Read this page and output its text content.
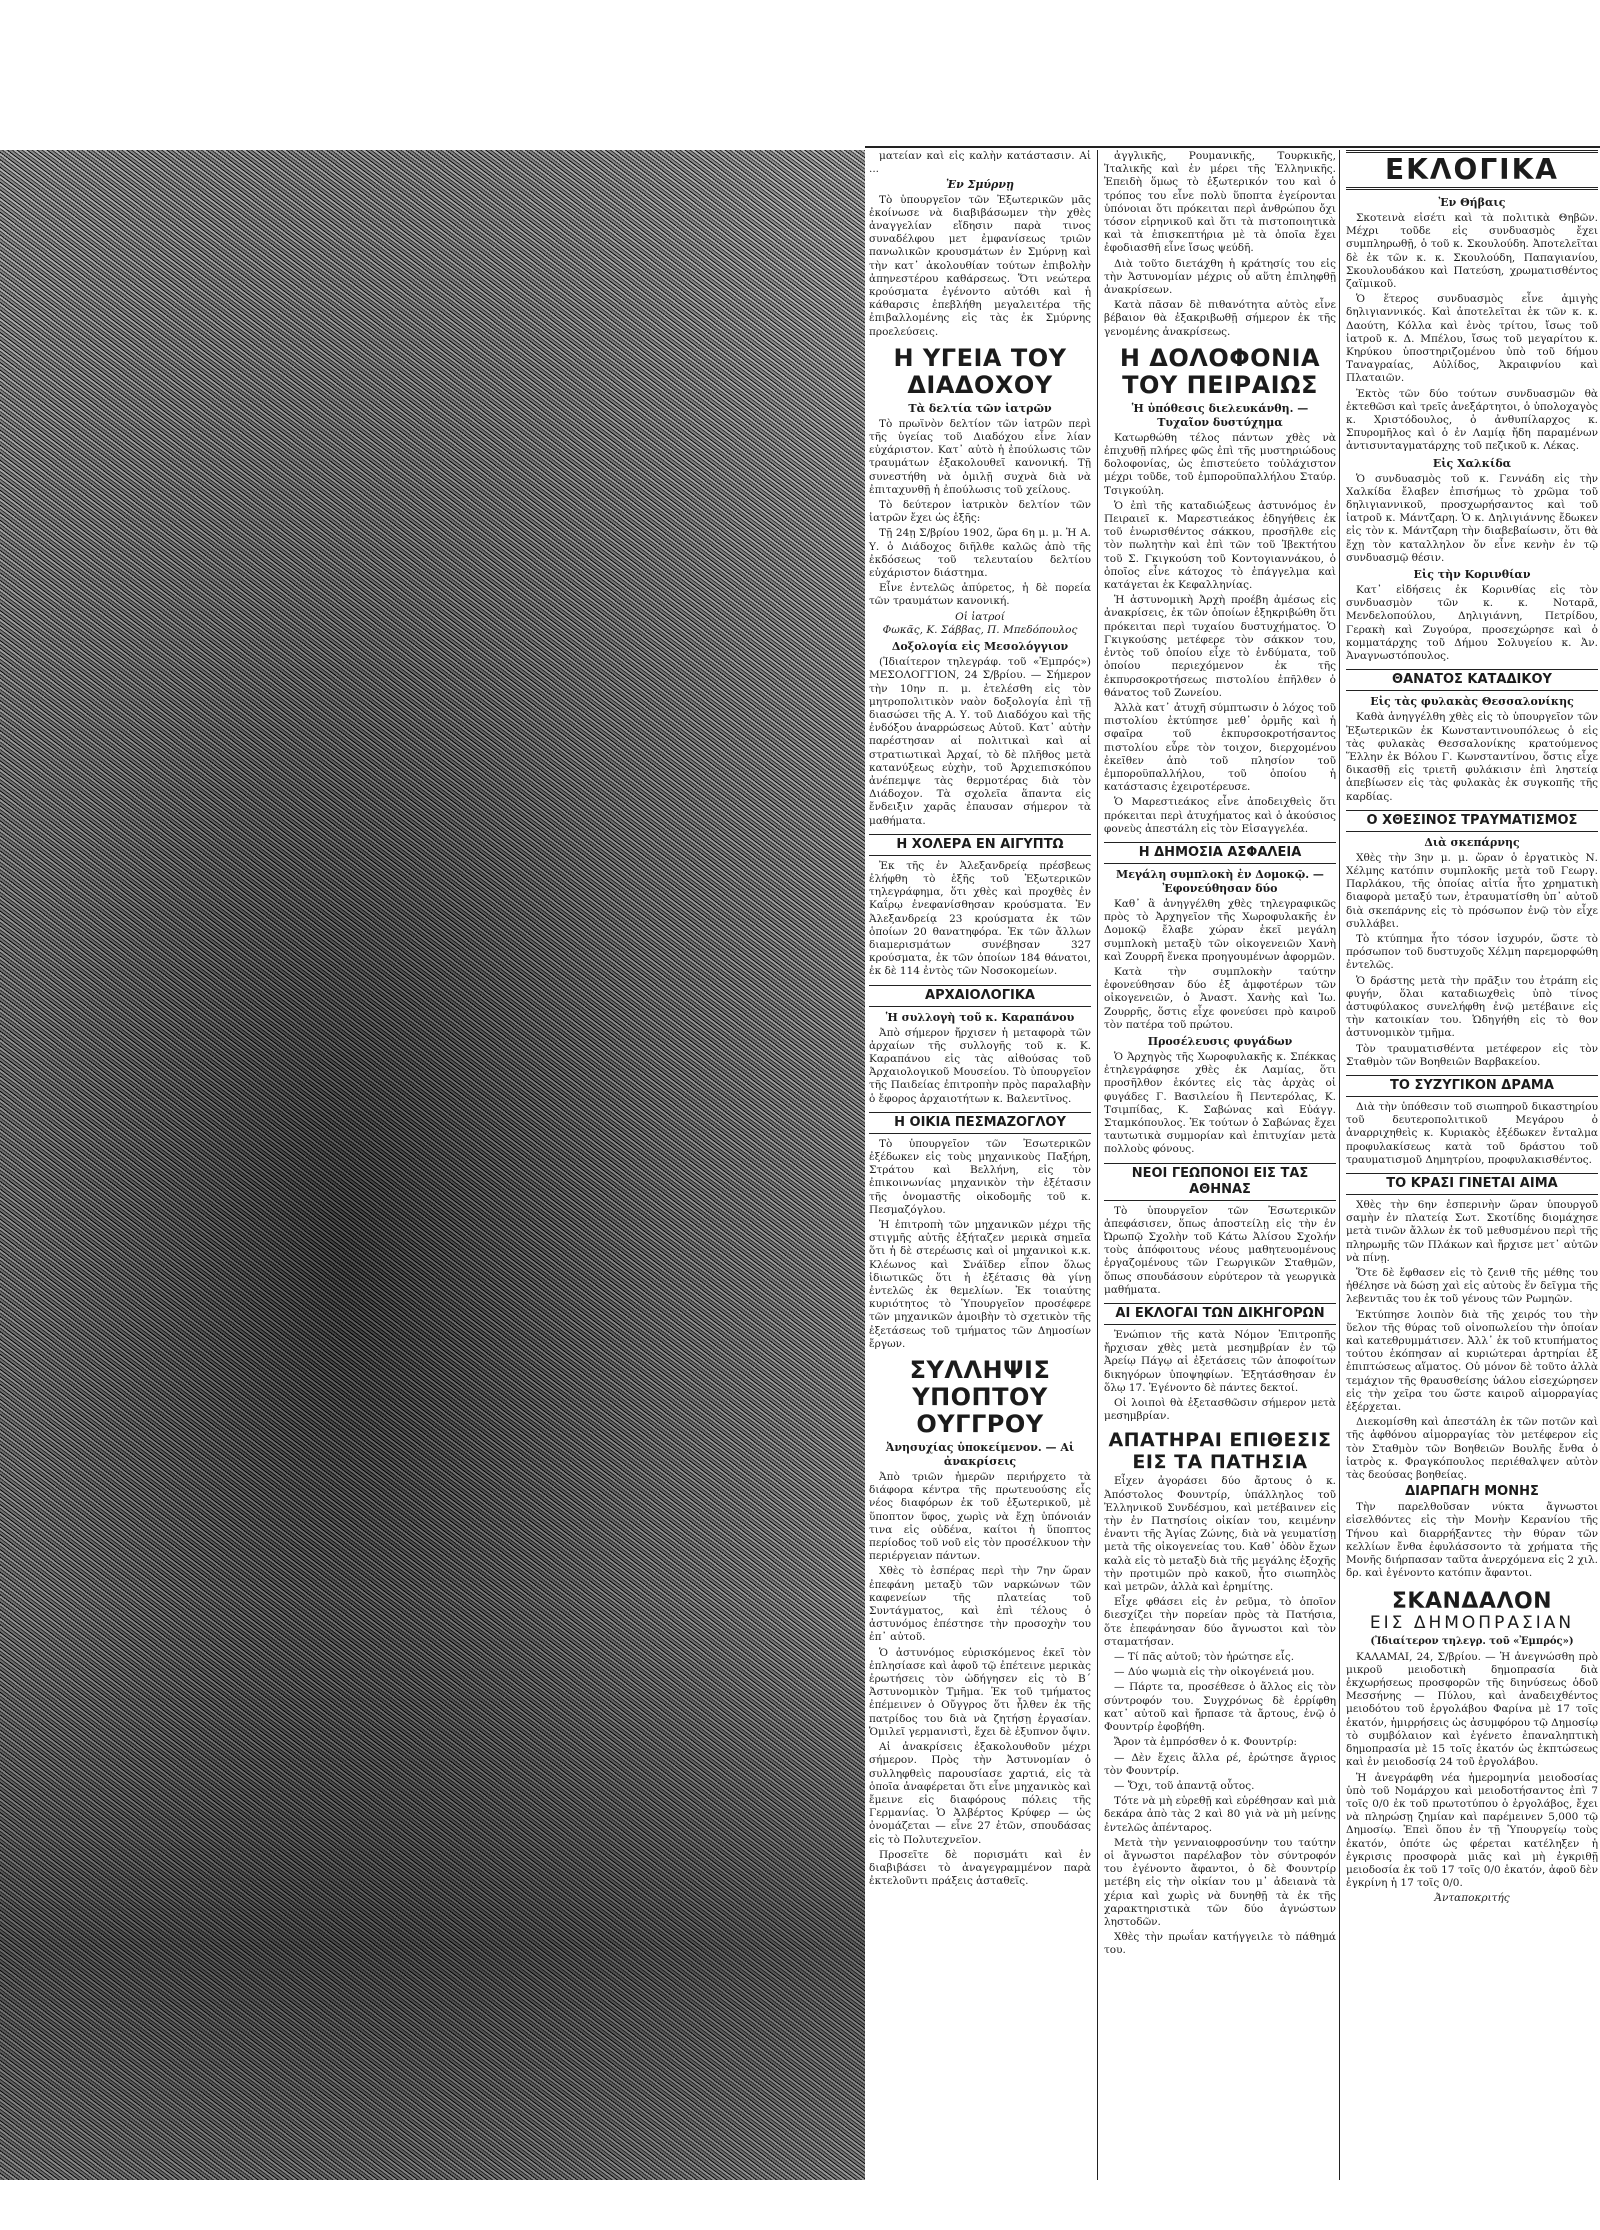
ματείαν καὶ εἰς καλὴν κατάστασιν. Αἱ ...

Ἐν Σμύρνῃ

Τὸ ὑπουργεῖον τῶν Ἐξωτερικῶν μᾶς ἐκοίνωσε νὰ διαβιβάσωμεν τὴν χθὲς ἀναγγελίαν εἴδησιν παρὰ τινος συναδέλφου μετ ἐμφανίσεως τριῶν πανωλικῶν κρουσμάτων ἐν Σμύρνῃ καὶ τὴν κατ᾿ ἀκολουθίαν τούτων ἐπιβολὴν ἀπηνεστέρου καθάρσεως. Ὅτι νεώτερα κρούσματα ἐγένοντο αὐτόθι καὶ ἡ κάθαρσις ἐπεβλήθη μεγαλειτέρα τῆς ἐπιβαλλομένης εἰς τὰς ἐκ Σμύρνης προελεύσεις.

Η ΥΓΕΙΑ ΤΟΥ ΔΙΑΔΟΧΟΥ
Τὰ δελτία τῶν ἰατρῶν

Τὸ πρωϊνὸν δελτίον τῶν ἰατρῶν περὶ τῆς ὑγείας τοῦ Διαδόχου εἶνε λίαν εὐχάριστον. Κατ᾿ αὐτὸ ἡ ἐπούλωσις τῶν τραυμάτων ἐξακολουθεῖ κανονική. Τῇ συνεστήθη νὰ ὁμιλῇ συχνὰ διὰ νὰ ἐπιταχυνθῇ ἡ ἐπούλωσις τοῦ χείλους.

Τὸ δεύτερον ἰατρικὸν δελτίον τῶν ἰατρῶν ἔχει ὡς ἑξῆς:

Τῇ 24ῃ Σ/βρίου 1902, ὥρα 6η μ. μ. Ἡ Α. Υ. ὁ Διάδοχος διῆλθε καλῶς ἀπὸ τῆς ἐκδόσεως τοῦ τελευταίου δελτίου εὐχάριστον διάστημα.

Εἶνε ἐντελῶς ἀπύρετος, ἡ δὲ πορεία τῶν τραυμάτων κανονική.

Οἱ ἰατροί
Φωκᾶς, Κ. Σάββας, Π. Μπεδόπουλος
Δοξολογία εἰς Μεσολόγγιον

(Ἰδιαίτερον τηλεγράφ. τοῦ «Ἐμπρός») ΜΕΣΟΛΟΓΓΙΟΝ, 24 Σ/βρίου. — Σήμερον τὴν 10ην π. μ. ἐτελέσθη εἰς τὸν μητροπολιτικὸν ναὸν δοξολογία ἐπὶ τῇ διασώσει τῆς Α. Υ. τοῦ Διαδόχου καὶ τῆς ἐνδόξου ἀναρρώσεως Αὐτοῦ. Κατ᾿ αὐτὴν παρέστησαν αἱ πολιτικαὶ καὶ αἱ στρατιωτικαὶ Ἀρχαί, τὸ δὲ πλῆθος μετὰ κατανύξεως εὐχὴν, τοῦ Ἀρχιεπισκόπου ἀνέπεμψε τὰς θερμοτέρας διὰ τὸν Διάδοχον. Τὰ σχολεῖα ἅπαντα εἰς ἔνδειξιν χαρᾶς ἐπαυσαν σήμερον τὰ μαθήματα.

Η ΧΟΛΕΡΑ ΕΝ ΑΙΓΥΠΤΩ

Ἐκ τῆς ἐν Ἀλεξανδρείᾳ πρέσβεως ἐλήφθη τὸ ἑξῆς τοῦ Ἐξωτερικῶν τηλεγράφημα, ὅτι χθὲς καὶ προχθὲς ἐν Καΐρῳ ἐνεφανίσθησαν κρούσματα. Ἐν Ἀλεξανδρείᾳ 23 κρούσματα ἐκ τῶν ὁποίων 20 θανατηφόρα. Ἐκ τῶν ἄλλων διαμερισμάτων συνέβησαν 327 κρούσματα, ἐκ τῶν ὁποίων 184 θάνατοι, ἐκ δὲ 114 ἐντὸς τῶν Νοσοκομείων.

ΑΡΧΑΙΟΛΟΓΙΚΑ
Ἡ συλλογὴ τοῦ κ. Καραπάνου

Ἀπὸ σήμερον ἤρχισεν ἡ μεταφορὰ τῶν ἀρχαίων τῆς συλλογῆς τοῦ κ. Κ. Καραπάνου εἰς τὰς αἰθούσας τοῦ Ἀρχαιολογικοῦ Μουσείου. Τὸ ὑπουργεῖον τῆς Παιδείας ἐπιτροπὴν πρὸς παραλαβὴν ὁ ἔφορος ἀρχαιοτήτων κ. Βαλεντῖνος.

Η ΟΙΚΙΑ ΠΕΣΜΑΖΟΓΛΟΥ

Τὸ ὑπουργεῖον τῶν Ἐσωτερικῶν ἐξέδωκεν εἰς τοὺς μηχανικοὺς Παξήρη, Στράτου καὶ Βελλήνη, εἰς τὸν ἐπικοινωνίας μηχανικὸν τὴν ἐξέτασιν τῆς ὀνομαστῆς οἰκοδομῆς τοῦ κ. Πεσμαζόγλου.

Ἡ ἐπιτροπὴ τῶν μηχανικῶν μέχρι τῆς στιγμῆς αὐτῆς ἐξήταζεν μερικὰ σημεῖα ὅτι ἡ δὲ στερέωσις καὶ οἱ μηχανικοὶ κ.κ. Κλέωνος καὶ Σνάϊδερ εἶπον ὅλως ἰδιωτικῶς ὅτι ἡ ἐξέτασις θὰ γίνῃ ἐντελῶς ἐκ θεμελίων. Ἐκ τοιαύτης κυριότητος τὸ Ὑπουργεῖον προσέφερε τῶν μηχανικῶν ἀμοιβὴν τὸ σχετικὸν τῆς ἐξετάσεως τοῦ τμήματος τῶν Δημοσίων ἔργων.

ΣΥΛΛΗΨΙΣ ΥΠΟΠΤΟΥ ΟΥΓΓΡΟΥ
Ἀνησυχίας ὑποκείμενον. — Αἱ ἀνακρίσεις

Ἀπὸ τριῶν ἡμερῶν περιήρχετο τὰ διάφορα κέντρα τῆς πρωτευούσης εἷς νέος διαφόρων ἐκ τοῦ ἐξωτερικοῦ, μὲ ὕποπτον ὕφος, χωρὶς νὰ ἔχῃ ὑπόνοιάν τινα εἰς οὐδένα, καίτοι ἡ ὕποπτος περίοδος τοῦ νοῦ εἰς τὸν προσέλκυον τὴν περιέργειαν πάντων.

Χθὲς τὸ ἑσπέρας περὶ τὴν 7ην ὥραν ἐπεφάνη μεταξὺ τῶν ναρκώνων τῶν καφενείων τῆς πλατείας τοῦ Συντάγματος, καὶ ἐπὶ τέλους ὁ ἀστυνόμος ἐπέστησε τὴν προσοχὴν του ἐπ᾿ αὐτοῦ.

Ὁ ἀστυνόμος εὐρισκόμενος ἐκεῖ τὸν ἐπλησίασε καὶ ἀφοῦ τῷ ἐπέτεινε μερικὰς ἐρωτήσεις τὸν ὡδήγησεν εἰς τὸ Β΄ Ἀστυνομικὸν Τμῆμα. Ἐκ τοῦ τμήματος ἐπέμεινεν ὁ Οὔγγρος ὅτι ἦλθεν ἐκ τῆς πατρίδος του διὰ νὰ ζητήσῃ ἐργασίαν. Ὁμιλεῖ γερμανιστὶ, ἔχει δὲ ἐξυπνον ὄψιν.

Αἱ ἀνακρίσεις ἐξακολουθοῦν μέχρι σήμερον. Πρὸς τὴν Ἀστυνομίαν ὁ συλληφθεὶς παρουσίασε χαρτιά, εἰς τὰ ὁποῖα ἀναφέρεται ὅτι εἶνε μηχανικὸς καὶ ἔμεινε εἰς διαφόρους πόλεις τῆς Γερμανίας. Ὁ Ἀλβέρτος Κρύφερ — ὡς ὀνομάζεται — εἶνε 27 ἐτῶν, σπουδάσας εἰς τὸ Πολυτεχνεῖον.

Προσεῖτε δὲ πορισμάτι καὶ ἐν διαβιβάσει τὸ ἀναγεγραμμένον παρὰ ἐκτελοῦντι πράξεις ἀσταθεῖς.

ἀγγλικῆς, Ρουμανικῆς, Τουρκικῆς, Ἰταλικῆς καὶ ἐν μέρει τῆς Ἑλληνικῆς. Ἐπειδὴ ὅμως τὸ ἐξωτερικόν του καὶ ὁ τρόπος του εἶνε πολὺ ὕποπτα ἐγείρονται ὑπόνοιαι ὅτι πρόκειται περὶ ἀνθρώπου ὄχι τόσον εἰρηνικοῦ καὶ ὅτι τὰ πιστοποιητικὰ καὶ τὰ ἐπισκεπτήρια μὲ τὰ ὁποῖα ἔχει ἐφοδιασθῆ εἶνε ἴσως ψεύδῆ.

Διὰ τοῦτο διετάχθη ἡ κράτησίς του εἰς τὴν Ἀστυνομίαν μέχρις οὗ αὕτη ἐπιληφθῇ ἀνακρίσεων.

Κατὰ πᾶσαν δὲ πιθανότητα αὐτὸς εἶνε βέβαιον θὰ ἐξακριβωθῇ σήμερον ἐκ τῆς γενομένης ἀνακρίσεως.

Η ΔΟΛΟΦΟΝΙΑ ΤΟΥ ΠΕΙΡΑΙΩΣ
Ἡ ὑπόθεσις διελευκάνθη. — Τυχαῖον δυστύχημα

Κατωρθώθη τέλος πάντων χθὲς νὰ ἐπιχυθῇ πλήρες φῶς ἐπὶ τῆς μυστηριώδους δολοφονίας, ὡς ἐπιστεύετο τοὐλάχιστον μέχρι τοῦδε, τοῦ ἐμποροϋπαλλήλου Σταύρ. Τσιγκούλη.

Ὁ ἐπὶ τῆς καταδιώξεως ἀστυνόμος ἐν Πειραιεῖ κ. Μαρεστιεάκος ἐδηγήθεις ἐκ τοῦ ἐνωρισθέντος σάκκου, προσῆλθε εἰς τὸν πωλητὴν καὶ ἐπὶ τῶν τοῦ Ἰβεκτήτου τοῦ Σ. Γκιγκούση τοῦ Κοντογιαννάκου, ὁ ὁποῖος εἶνε κάτοχος τὸ ἐπάγγελμα καὶ κατάγεται ἐκ Κεφαλληνίας.

Ἡ ἀστυνομικὴ Ἀρχὴ προέβη ἀμέσως εἰς ἀνακρίσεις, ἐκ τῶν ὁποίων ἐξηκριβώθη ὅτι πρόκειται περὶ τυχαίου δυστυχήματος. Ὁ Γκιγκούσης μετέφερε τὸν σάκκον του, ἐντὸς τοῦ ὁποίου εἶχε τὸ ἐνδύματα, τοῦ ὁποίου περιεχόμενον ἐκ τῆς ἐκπυρσοκροτήσεως πιστολίου ἐπῆλθεν ὁ θάνατος τοῦ Ζωνείου.

Ἀλλὰ κατ᾿ ἀτυχῆ σύμπτωσιν ὁ λόχος τοῦ πιστολίου ἐκτύπησε μεθ᾿ ὁρμῆς καὶ ἡ σφαῖρα τοῦ ἐκπυρσοκροτήσαντος πιστολίου εὗρε τὸν τοιχον, διερχομένου ἐκεῖθεν ἀπὸ τοῦ πλησίον τοῦ ἐμποροϋπαλλήλου, τοῦ ὁποίου ἡ κατάστασις ἐχειροτέρευσε.

Ὁ Μαρεστιεάκος εἶνε ἀποδειχθεὶς ὅτι πρόκειται περὶ ἀτυχήματος καὶ ὁ ἀκούσιος φονεὺς ἀπεστάλη εἰς τὸν Εἰσαγγελέα.

Η ΔΗΜΟΣΙΑ ΑΣΦΑΛΕΙΑ
Μεγάλη συμπλοκὴ ἐν Δομοκῷ. — Ἐφονεύθησαν δύο

Καθ᾿ ἃ ἀνηγγέλθη χθὲς τηλεγραφικῶς πρὸς τὸ Ἀρχηγεῖον τῆς Χωροφυλακῆς ἐν Δομοκῷ ἔλαβε χώραν ἐκεῖ μεγάλη συμπλοκὴ μεταξὺ τῶν οἰκογενειῶν Χανὴ καὶ Ζουρρῆ ἕνεκα προηγουμένων ἀφορμῶν.

Κατὰ τὴν συμπλοκὴν ταύτην ἐφονεύθησαν δύο ἐξ ἀμφοτέρων τῶν οἰκογενειῶν, ὁ Ἀναστ. Χανὴς καὶ Ἰω. Ζουρρῆς, ὅστις εἶχε φονεύσει πρὸ καιροῦ τὸν πατέρα τοῦ πρώτου.

Προσέλευσις φυγάδων

Ὁ Ἀρχηγὸς τῆς Χωροφυλακῆς κ. Σπέκκας ἐτηλεγράφησε χθὲς ἐκ Λαμίας, ὅτι προσῆλθον ἑκόντες εἰς τὰς ἀρχὰς οἱ φυγάδες Γ. Βασιλείου ἢ Πεντερόλας, Κ. Τσιμπίδας, Κ. Σαβώνας καὶ Εὐάγγ. Σταμκόπουλος. Ἐκ τούτων ὁ Σαβώνας ἔχει ταυτωτικὰ συμμορίαν καὶ ἐπιτυχίαν μετὰ πολλοὺς φόνους.

ΝΕΟΙ ΓΕΩΠΟΝΟΙ ΕΙΣ ΤΑΣ ΑΘΗΝΑΣ

Τὸ ὑπουργεῖον τῶν Ἐσωτερικῶν ἀπεφάσισεν, ὅπως ἀποστείλῃ εἰς τὴν ἐν Ὠρωπῷ Σχολὴν τοῦ Κάτω Ἀλίσου Σχολήν τοὺς ἀπόφοιτους νέους μαθητευομένους ἐργαζομένους τῶν Γεωργικῶν Σταθμῶν, ὅπως σπουδάσουν εὐρύτερον τὰ γεωργικὰ μαθήματα.

ΑΙ ΕΚΛΟΓΑΙ ΤΩΝ ΔΙΚΗΓΟΡΩΝ

Ἐνώπιον τῆς κατὰ Νόμον Ἐπιτροπῆς ἤρχισαν χθὲς μετὰ μεσημβρίαν ἐν τῷ Ἀρείῳ Πάγῳ αἱ ἐξετάσεις τῶν ἀποφοίτων δικηγόρων ὑποψηφίων. Ἐξητάσθησαν ἐν ὅλῳ 17. Ἐγένοντο δὲ πάντες δεκτοί.

Οἱ λοιποὶ θὰ ἐξετασθῶσιν σήμερον μετὰ μεσημβρίαν.

ΑΠΑΤΗΡΑΙ ΕΠΙΘΕΣΙΣ ΕΙΣ ΤΑ ΠΑΤΗΣΙΑ

Εἶχεν ἀγοράσει δύο ἄρτους ὁ κ. Ἀπόστολος Φουντρίρ, ὑπάλληλος τοῦ Ἐλληνικοῦ Συνδέσμου, καὶ μετέβαινεν εἰς τὴν ἐν Πατησίοις οἰκίαν του, κειμένην ἐναντι τῆς Ἁγίας Ζώνης, διὰ νὰ γευματίσῃ μετὰ τῆς οἰκογενείας του. Καθ᾿ ὁδὸν ἔχων καλὰ εἰς τὸ μεταξὺ διὰ τῆς μεγάλης ἐξοχῆς τὴν προτιμῶν πρὸ κακοῦ, ἦτο σιωπηλὸς καὶ μετρῶν, ἀλλὰ καὶ ἐρημίτης.

Εἶχε φθάσει εἰς ἐν ρεῦμα, τὸ ὁποῖον διεσχίζει τὴν πορείαν πρὸς τὰ Πατήσια, ὅτε ἐπεφάνησαν δύο ἄγνωστοι καὶ τὸν σταματήσαν.

— Τί πᾶς αὐτοῦ; τὸν ἠρώτησε εἷς.

— Δύο ψωμιὰ εἰς τὴν οἰκογένειά μου.

— Πάρτε τα, προσέθεσε ὁ ἄλλος εἰς τὸν σύντροφόν του. Συγχρόνως δὲ ἐρρίφθη κατ᾿ αὐτοῦ καὶ ἤρπασε τὰ ἄρτους, ἐνῷ ὁ Φουντρίρ ἐφοβήθη.

Ἄρον τὰ ἐμπρόσθεν ὁ κ. Φουντρίρ:

— Δὲν ἔχεις ἄλλα ρέ, ἐρώτησε ἄγριος τὸν Φουντρίρ.

— Ὄχι, τοῦ ἀπαντᾷ οὗτος.

Τότε νὰ μὴ εὑρεθῇ καὶ εὑρέθησαν καὶ μιὰ δεκάρα ἀπὸ τὰς 2 καὶ 80 γιὰ νὰ μὴ μείνῃς ἐντελῶς ἀπένταρος.

Μετὰ τὴν γενναιοφροσύνην του ταύτην οἱ ἄγνωστοι παρέλαβον τὸν σύντροφόν του ἐγένοντο ἄφαντοι, ὁ δὲ Φουντρίρ μετέβη εἰς τὴν οἰκίαν του μ᾿ ἀδειανὰ τὰ χέρια καὶ χωρὶς νὰ δυνηθῇ τὰ ἐκ τῆς χαρακτηριστικὰ τῶν δύο ἀγνώστων ληστοδῶν.

Χθὲς τὴν πρωΐαν κατήγγειλε τὸ πάθημά του.

ΕΚΛΟΓΙΚΑ
Ἐν Θήβαις

Σκοτεινὰ εἰσέτι καὶ τὰ πολιτικὰ Θηβῶν. Μέχρι τοῦδε εἰς συνδυασμὸς ἔχει συμπληρωθῇ, ὁ τοῦ κ. Σκουλούδη. Ἀποτελεῖται δὲ ἐκ τῶν κ. κ. Σκουλούδη, Παπαγιανίου, Σκουλουδάκου καὶ Πατεύση, χρωματισθέντος ζαϊμικοῦ.

Ὁ ἕτερος συνδυασμὸς εἶνε ἀμιγὴς δηλιγιαννικός. Καὶ ἀποτελεῖται ἐκ τῶν κ. κ. Δαούτη, Κόλλα καὶ ἑνὸς τρίτου, ἴσως τοῦ ἰατροῦ κ. Δ. Μπέλου, ἴσως τοῦ μεγαρίτου κ. Κηρύκου ὑποστηριζομένου ὑπὸ τοῦ δήμου Ταναγραίας, Αὐλίδος, Ἀκραιφνίου καὶ Πλαταιῶν.

Ἐκτὸς τῶν δύο τούτων συνδυασμῶν θὰ ἐκτεθῶσι καὶ τρεῖς ἀνεξάρτητοι, ὁ ὑπολοχαγὸς κ. Χριστόδουλος, ὁ ἀνθυπίλαρχος κ. Σπυρομῆλος καὶ ὁ ἐν Λαμίᾳ ἤδη παραμένων ἀντισυνταγματάρχης τοῦ πεζικοῦ κ. Λέκας.

Εἰς Χαλκίδα

Ὁ συνδυασμὸς τοῦ κ. Γεννάδη εἰς τὴν Χαλκίδα ἔλαβεν ἐπισήμως τὸ χρῶμα τοῦ δηλιγιαννικοῦ, προσχωρήσαντος καὶ τοῦ ἰατροῦ κ. Μάντζαρη. Ὁ κ. Δηλιγιάννης ἔδωκεν εἰς τὸν κ. Μάντζαρη τὴν διαβεβαίωσιν, ὅτι θὰ ἔχῃ τὸν καταλληλον ὅν εἶνε κενὴν ἐν τῷ συνδυασμῷ θέσιν.

Εἰς τὴν Κορινθίαν

Κατ᾿ εἰδήσεις ἐκ Κορινθίας εἰς τὸν συνδυασμὸν τῶν κ. κ. Νοταρᾶ, Μενδελοπούλου, Δηλιγιάννη, Πετρίδου, Γερακὴ καὶ Ζυγούρα, προσεχώρησε καὶ ὁ κομματάρχης τοῦ Δήμου Σολυγείου κ. Ἀν. Ἀναγνωστόπουλος.

ΘΑΝΑΤΟΣ ΚΑΤΑΔΙΚΟΥ
Εἰς τὰς φυλακὰς Θεσσαλονίκης

Καθὰ ἀνηγγέλθη χθὲς εἰς τὸ ὑπουργεῖον τῶν Ἐξωτερικῶν ἐκ Κωνσταντινουπόλεως ὁ εἰς τὰς φυλακὰς Θεσσαλονίκης κρατούμενος Ἕλλην ἐκ Βόλου Γ. Κωνσταντίνου, ὅστις εἶχε δικασθῇ εἰς τριετῆ φυλάκισιν ἐπὶ ληστείᾳ ἀπεβίωσεν εἰς τὰς φυλακὰς ἐκ συγκοπῆς τῆς καρδίας.

Ο ΧΘΕΣΙΝΟΣ ΤΡΑΥΜΑΤΙΣΜΟΣ
Διὰ σκεπάρνης

Χθὲς τὴν 3ην μ. μ. ὥραν ὁ ἐργατικὸς Ν. Χέλμης κατόπιν συμπλοκῆς μετὰ τοῦ Γεωργ. Παρλάκου, τῆς ὁποίας αἰτία ἦτο χρηματικὴ διαφορὰ μεταξύ των, ἐτραυματίσθη ὑπ᾿ αὐτοῦ διὰ σκεπάρνης εἰς τὸ πρόσωπον ἐνῷ τὸν εἶχε συλλάβει.

Τὸ κτύπημα ἦτο τόσον ἰσχυρόν, ὥστε τὸ πρόσωπον τοῦ δυστυχοῦς Χέλμη παρεμορφώθη ἐντελῶς.

Ὁ δράστης μετὰ τὴν πρᾶξιν του ἐτράπη εἰς φυγήν, ὅλαι καταδιωχθεὶς ὑπὸ τίνος ἀστυφύλακος συνελήφθη ἐνῷ μετέβαινε εἰς τὴν κατοικίαν του. Ὡδηγήθη εἰς τὸ θον ἀστυνομικὸν τμῆμα.

Τὸν τραυματισθέντα μετέφερον εἰς τὸν Σταθμὸν τῶν Βοηθειῶν Βαρβακείου.

ΤΟ ΣΥΖΥΓΙΚΟΝ ΔΡΑΜΑ

Διὰ τὴν ὑπόθεσιν τοῦ σιωπηροῦ δικαστηρίου τοῦ δευτεροπολιτικοῦ Μεγάρου ὁ ἀναρριχηθεὶς κ. Κυριακὸς ἐξέδωκεν ἔνταλμα προφυλακίσεως κατὰ τοῦ δράστου τοῦ τραυματισμοῦ Δημητρίου, προφυλακισθέντος.

ΤΟ ΚΡΑΣΙ ΓΙΝΕΤΑΙ ΑΙΜΑ

Χθὲς τὴν 6ην ἑσπερινὴν ὥραν ὑπουργοῦ σαμὴν ἐν πλατείᾳ Σωτ. Σκοτίδης διομάχησε μετὰ τινῶν ἄλλων ἐκ τοῦ μεθυσμένου περὶ τῆς πληρωμῆς τῶν Πλάκων καὶ ἤρχισε μετ᾿ αὐτῶν νὰ πίνῃ.

Ὅτε δὲ ἔφθασεν εἰς τὸ ζενιθ τῆς μέθης του ἠθέλησε νὰ δώσῃ χαὶ εἰς αὐτοὺς ἕν δεῖγμα τῆς λεβεντιᾶς του ἐκ τοῦ γένους τῶν Ρωμηῶν.

Ἐκτύπησε λοιπὸν διὰ τῆς χειρός του τὴν ὕελον τῆς θύρας τοῦ οἰνοπωλείου τὴν ὁποίαν καὶ κατεθρυμμάτισεν. Ἀλλ᾿ ἐκ τοῦ κτυπήματος τούτου ἐκόπησαν αἱ κυριώτεραι ἀρτηρίαι ἐξ ἐπιπτώσεως αἵματος. Οὐ μόνον δὲ τοῦτο ἀλλὰ τεμάχιον τῆς θραυσθείσης ὑάλου εἰσεχώρησεν εἰς τὴν χεῖρα του ὥστε καιροῦ αἱμορραγίας ἐξέρχεται.

Διεκομίσθη καὶ ἀπεστάλη ἐκ τῶν ποτῶν καὶ τῆς ἀφθόνου αἱμορραγίας τὸν μετέφερον εἰς τὸν Σταθμὸν τῶν Βοηθειῶν Βουλῆς ἔνθα ὁ ἰατρὸς κ. Φραγκόπουλος περιέθαλψεν αὐτὸν τὰς δεούσας βοηθείας.

ΔΙΑΡΠΑΓΗ ΜΟΝΗΣ

Τὴν παρελθοῦσαν νύκτα ἄγνωστοι εἰσελθόντες εἰς τὴν Μονὴν Κερανίου τῆς Τήνου καὶ διαρρήξαντες τὴν θύραν τῶν κελλίων ἔνθα ἐφυλάσσοντο τὰ χρήματα τῆς Μονῆς διήρπασαν ταῦτα ἀνερχόμενα εἰς 2 χιλ. δρ. καὶ ἐγένοντο κατόπιν ἄφαντοι.

ΣΚΑΝΔΑΛΟΝ
ΕΙΣ ΔΗΜΟΠΡΑΣΙΑΝ
(Ἰδιαίτερον τηλεγρ. τοῦ «Ἐμπρός»)

ΚΑΛΑΜΑΙ, 24, Σ/βρίου. — Ἡ ἀνεγνώσθη πρὸ μικροῦ μειοδοτικὴ δημοπρασία διὰ ἐκχωρήσεως προσφορῶν τῆς διηνύσεως ὁδοῦ Μεσσήνης — Πύλου, καὶ ἀναδειχθέντος μειοδότου τοῦ ἐργολάβου Φαρίνα μὲ 17 τοῖς ἑκατόν, ἡμιρρήσεις ὡς ἀσυμφόρου τῷ Δημοσίῳ τὸ συμβόλαιον καὶ ἐγένετο ἐπαναληπτικὴ δημοπρασία μὲ 15 τοῖς ἑκατόν ὡς ἐκπτώσεως καὶ ἐν μειοδοσίᾳ 24 τοῦ ἐργολάβου.

Ἡ ἀνεγράφθη νέα ἡμερομηνία μειοδοσίας ὑπὸ τοῦ Νομάρχου καὶ μειοδοτήσαντος ἐπὶ 7 τοῖς 0/0 ἐκ τοῦ πρωτοτύπου ὁ ἐργολάβος, ἔχει νὰ πληρώσῃ ζημίαν καὶ παρέμεινεν 5,000 τῷ Δημοσίῳ. Ἐπεὶ ὅπου ἐν τῇ Ὑπουργείῳ τοὺς ἑκατόν, ὁπότε ὡς φέρεται κατέληξεν ἡ ἐγκρισις προσφορὰ μιᾶς καὶ μὴ ἐγκριθῇ μειοδοσία ἐκ τοῦ 17 τοῖς 0/0 ἑκατόν, ἀφοῦ δὲν ἐγκρίνη ἡ 17 τοῖς 0/0.

Ἀνταποκριτής
